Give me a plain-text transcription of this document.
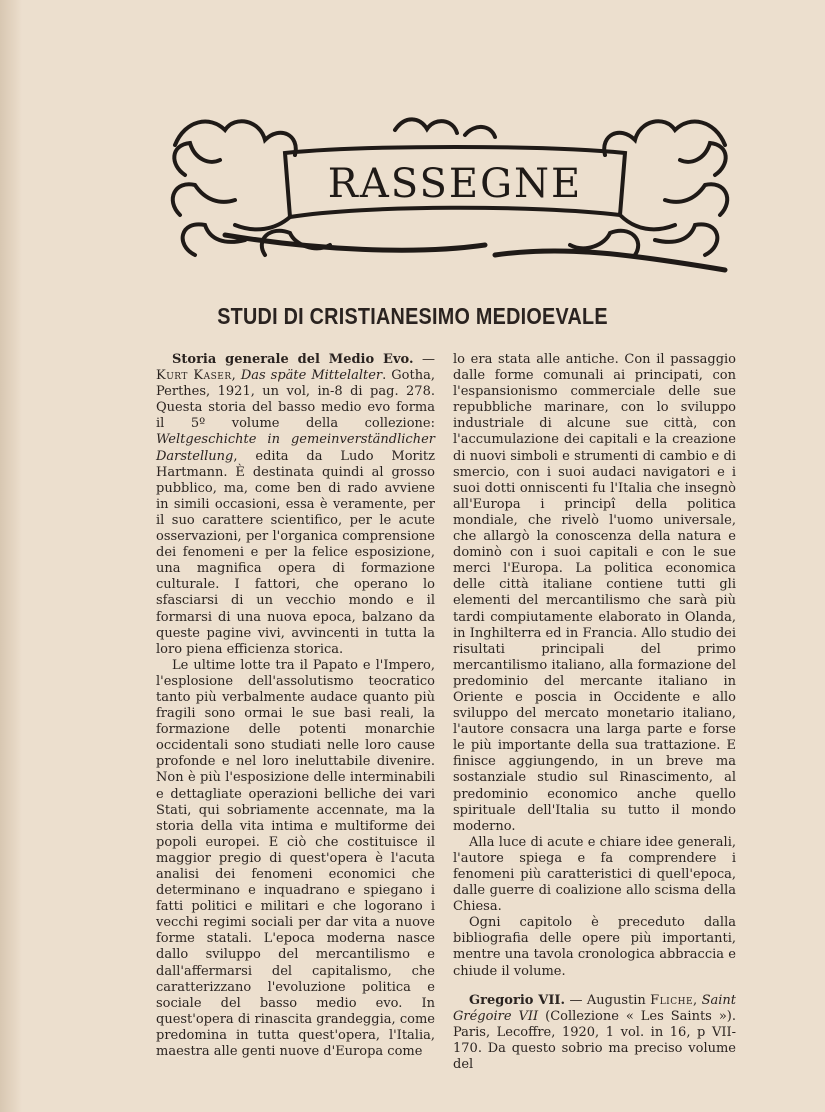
RASSEGNE
STUDI DI CRISTIANESIMO MEDIOEVALE

Storia generale del Medio Evo. — Kurt Kaser, Das späte Mittelalter. Gotha, Perthes, 1921, un vol, in-8 di pag. 278. Questa storia del basso medio evo forma il 5º volume della collezione: Weltgeschichte in gemeinverständlicher Darstellung, edita da Ludo Moritz Hartmann. È destinata quindi al grosso pubblico, ma, come ben di rado avviene in simili occasioni, essa è veramente, per il suo carattere scientifico, per le acute osservazioni, per l'organica comprensione dei fenomeni e per la felice esposizione, una magnifica opera di formazione culturale. I fattori, che operano lo sfasciarsi di un vecchio mondo e il formarsi di una nuova epoca, balzano da queste pagine vivi, avvincenti in tutta la loro piena efficienza storica.

Le ultime lotte tra il Papato e l'Impero, l'esplosione dell'assolutismo teocratico tanto più verbalmente audace quanto più fragili sono ormai le sue basi reali, la formazione delle potenti monarchie occidentali sono studiati nelle loro cause profonde e nel loro ineluttabile divenire. Non è più l'esposizione delle interminabili e dettagliate operazioni belliche dei vari Stati, qui sobriamente accennate, ma la storia della vita intima e multiforme dei popoli europei. E ciò che costituisce il maggior pregio di quest'opera è l'acuta analisi dei fenomeni economici che determinano e inquadrano e spiegano i fatti politici e militari e che logorano i vecchi regimi sociali per dar vita a nuove forme statali. L'epoca moderna nasce dallo sviluppo del mercantilismo e dall'affermarsi del capitalismo, che caratterizzano l'evoluzione politica e sociale del basso medio evo. In quest'opera di rinascita grandeggia, come predomina in tutta quest'opera, l'Italia, maestra alle genti nuove d'Europa come

lo era stata alle antiche. Con il passaggio dalle forme comunali ai principati, con l'espansionismo commerciale delle sue repubbliche marinare, con lo sviluppo industriale di alcune sue città, con l'accumulazione dei capitali e la creazione di nuovi simboli e strumenti di cambio e di smercio, con i suoi audaci navigatori e i suoi dotti onniscenti fu l'Italia che insegnò all'Europa i principî della politica mondiale, che rivelò l'uomo universale, che allargò la conoscenza della natura e dominò con i suoi capitali e con le sue merci l'Europa. La politica economica delle città italiane contiene tutti gli elementi del mercantilismo che sarà più tardi compiutamente elaborato in Olanda, in Inghilterra ed in Francia. Allo studio dei risultati principali del primo mercantilismo italiano, alla formazione del predominio del mercante italiano in Oriente e poscia in Occidente e allo sviluppo del mercato monetario italiano, l'autore consacra una larga parte e forse le più importante della sua trattazione. E finisce aggiungendo, in un breve ma sostanziale studio sul Rinascimento, al predominio economico anche quello spirituale dell'Italia su tutto il mondo moderno.

Alla luce di acute e chiare idee generali, l'autore spiega e fa comprendere i fenomeni più caratteristici di quell'epoca, dalle guerre di coalizione allo scisma della Chiesa.

Ogni capitolo è preceduto dalla bibliografia delle opere più importanti, mentre una tavola cronologica abbraccia e chiude il volume.

Gregorio VII. — Augustin Fliche, Saint Grégoire VII (Collezione « Les Saints »). Paris, Lecoffre, 1920, 1 vol. in 16, p VII-170. Da questo sobrio ma preciso volume del
